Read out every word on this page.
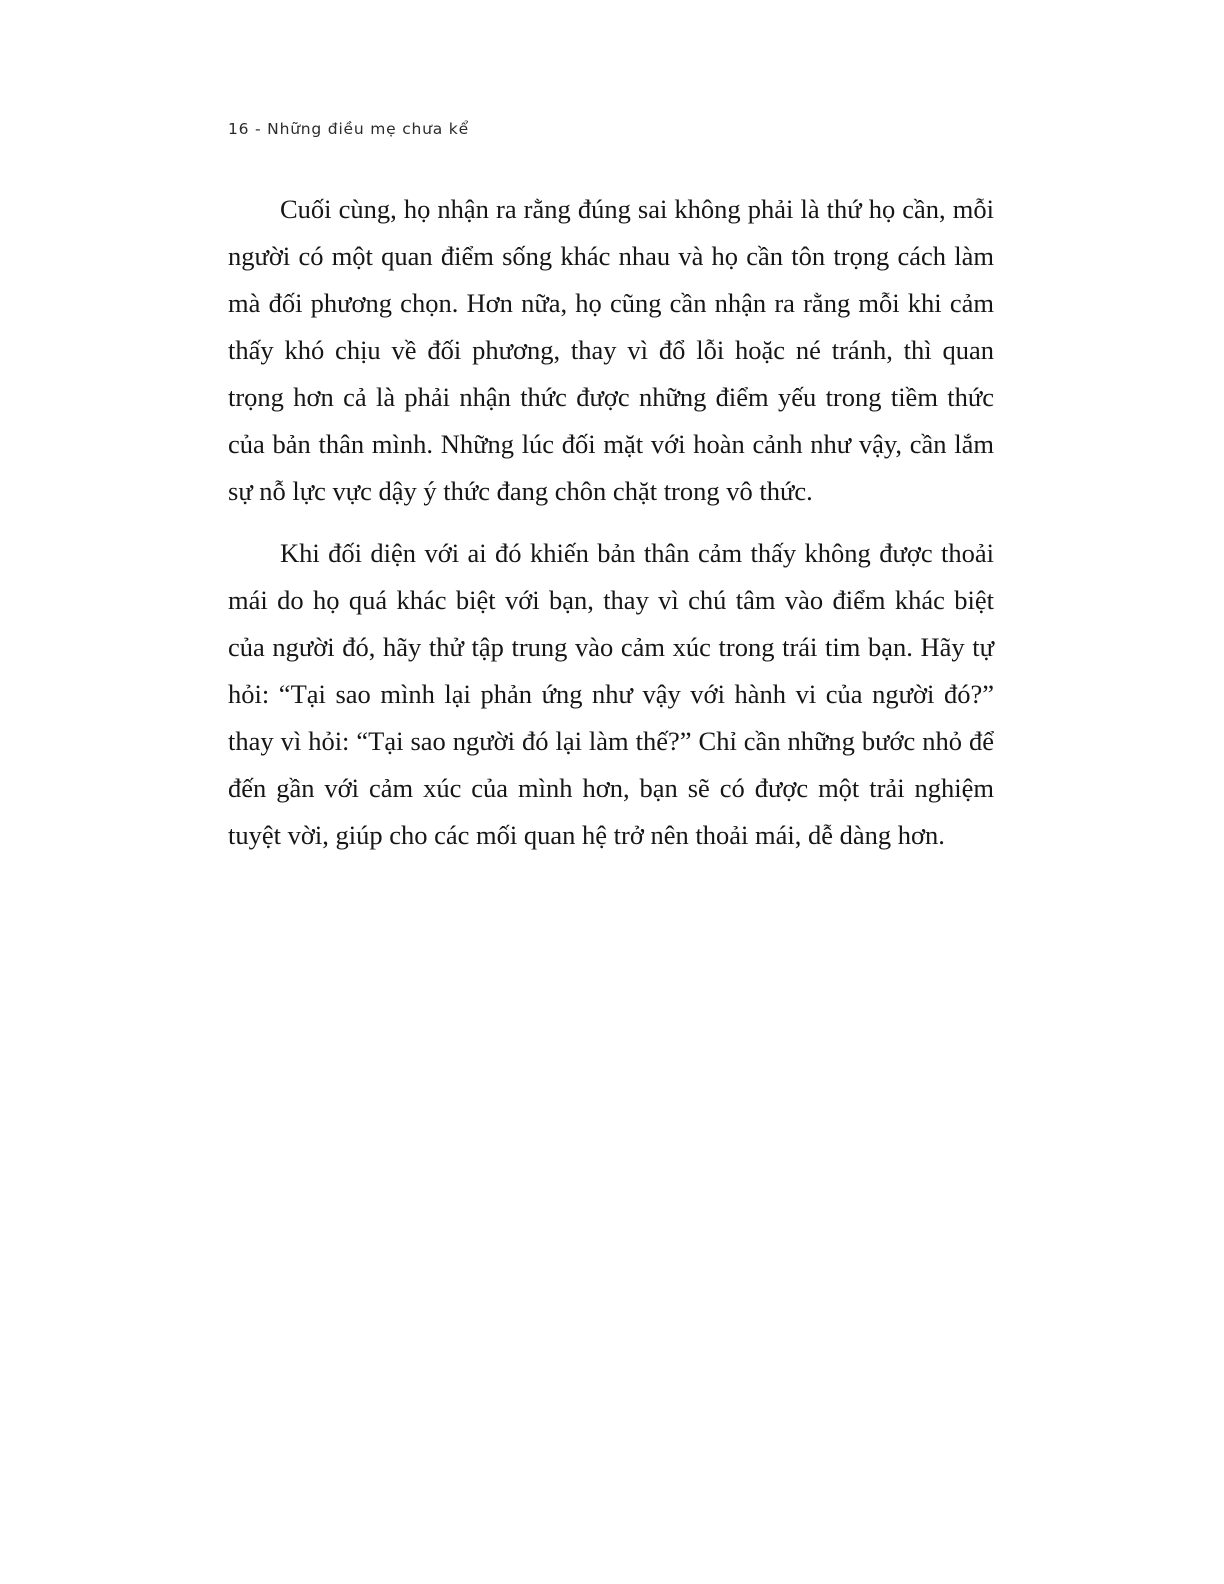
16 - Những điều mẹ chưa kể

Cuối cùng, họ nhận ra rằng đúng sai không phải là thứ họ cần, mỗi người có một quan điểm sống khác nhau và họ cần tôn trọng cách làm mà đối phương chọn. Hơn nữa, họ cũng cần nhận ra rằng mỗi khi cảm thấy khó chịu về đối phương, thay vì đổ lỗi hoặc né tránh, thì quan trọng hơn cả là phải nhận thức được những điểm yếu trong tiềm thức của bản thân mình. Những lúc đối mặt với hoàn cảnh như vậy, cần lắm sự nỗ lực vực dậy ý thức đang chôn chặt trong vô thức.

Khi đối diện với ai đó khiến bản thân cảm thấy không được thoải mái do họ quá khác biệt với bạn, thay vì chú tâm vào điểm khác biệt của người đó, hãy thử tập trung vào cảm xúc trong trái tim bạn. Hãy tự hỏi: “Tại sao mình lại phản ứng như vậy với hành vi của người đó?” thay vì hỏi: “Tại sao người đó lại làm thế?” Chỉ cần những bước nhỏ để đến gần với cảm xúc của mình hơn, bạn sẽ có được một trải nghiệm tuyệt vời, giúp cho các mối quan hệ trở nên thoải mái, dễ dàng hơn.
